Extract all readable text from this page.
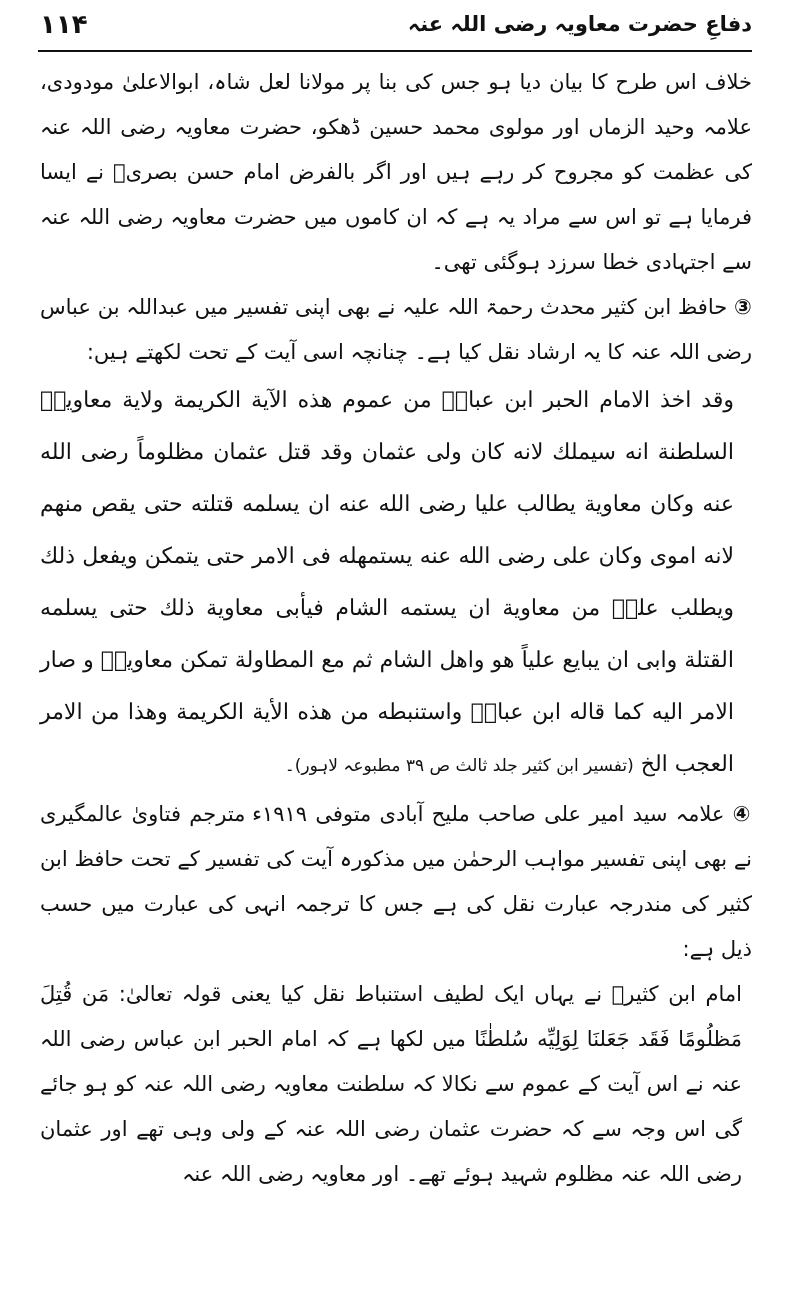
۱۱۴	دفاعِ حضرت معاویہ رضی اللہ عنہ

خلاف اس طرح کا بیان دیا ہو جس کی بنا پر مولانا لعل شاہ، ابوالاعلیٰ مودودی، علامہ وحید الزماں اور مولوی محمد حسین ڈھکو، حضرت معاویہ رضی اللہ عنہ کی عظمت کو مجروح کر رہے ہیں اور اگر بالفرض امام حسن بصریؒ نے ایسا فرمایا ہے تو اس سے مراد یہ ہے کہ ان کاموں میں حضرت معاویہ رضی اللہ عنہ سے اجتہادی خطا سرزد ہوگئی تھی۔

③ حافظ ابن کثیر محدث رحمۃ اللہ علیہ نے بھی اپنی تفسیر میں عبداللہ بن عباس رضی اللہ عنہ کا یہ ارشاد نقل کیا ہے۔ چنانچہ اسی آیت کے تحت لکھتے ہیں:

وقد اخذ الامام الحبر ابن عباسؓ من عموم هذه الآية الكريمة ولاية معاويةؓ السلطنة انه سيملك لانه كان ولى عثمان وقد قتل عثمان مظلوماً رضى الله عنه وكان معاوية يطالب عليا رضى الله عنه ان يسلمه قتلته حتى يقص منهم لانه اموى وكان على رضى الله عنه يستمهله فى الامر حتى يتمكن ويفعل ذلك ويطلب علىؓ من معاوية ان يستمه الشام فيأبى معاوية ذلك حتى يسلمه القتلة وابى ان يبايع علياً هو واهل الشام ثم مع المطاولة تمكن معاويةؓ و صار الامر اليه كما قاله ابن عباسؓ واستنبطه من هذه الأية الكريمة وهذا من الامر العجب الخ (تفسیر ابن کثیر جلد ثالث ص ۳۹ مطبوعہ لاہور)۔

④ علامہ سید امیر علی صاحب ملیح آبادی متوفی ۱۹۱۹ء مترجم فتاویٰ عالمگیری نے بھی اپنی تفسیر مواہب الرحمٰن میں مذکورہ آیت کی تفسیر کے تحت حافظ ابن کثیر کی مندرجہ عبارت نقل کی ہے جس کا ترجمہ انہی کی عبارت میں حسب ذیل ہے:

امام ابن کثیرؒ نے یہاں ایک لطیف استنباط نقل کیا یعنی قولہ تعالیٰ: مَن قُتِلَ مَظلُومًا فَقَد جَعَلنَا لِوَلِيِّه سُلطٰنًا میں لکھا ہے کہ امام الحبر ابن عباس رضی اللہ عنہ نے اس آیت کے عموم سے نکالا کہ سلطنت معاویہ رضی اللہ عنہ کو ہو جائے گی اس وجہ سے کہ حضرت عثمان رضی اللہ عنہ کے ولی وہی تھے اور عثمان رضی اللہ عنہ مظلوم شہید ہوئے تھے۔ اور معاویہ رضی اللہ عنہ
